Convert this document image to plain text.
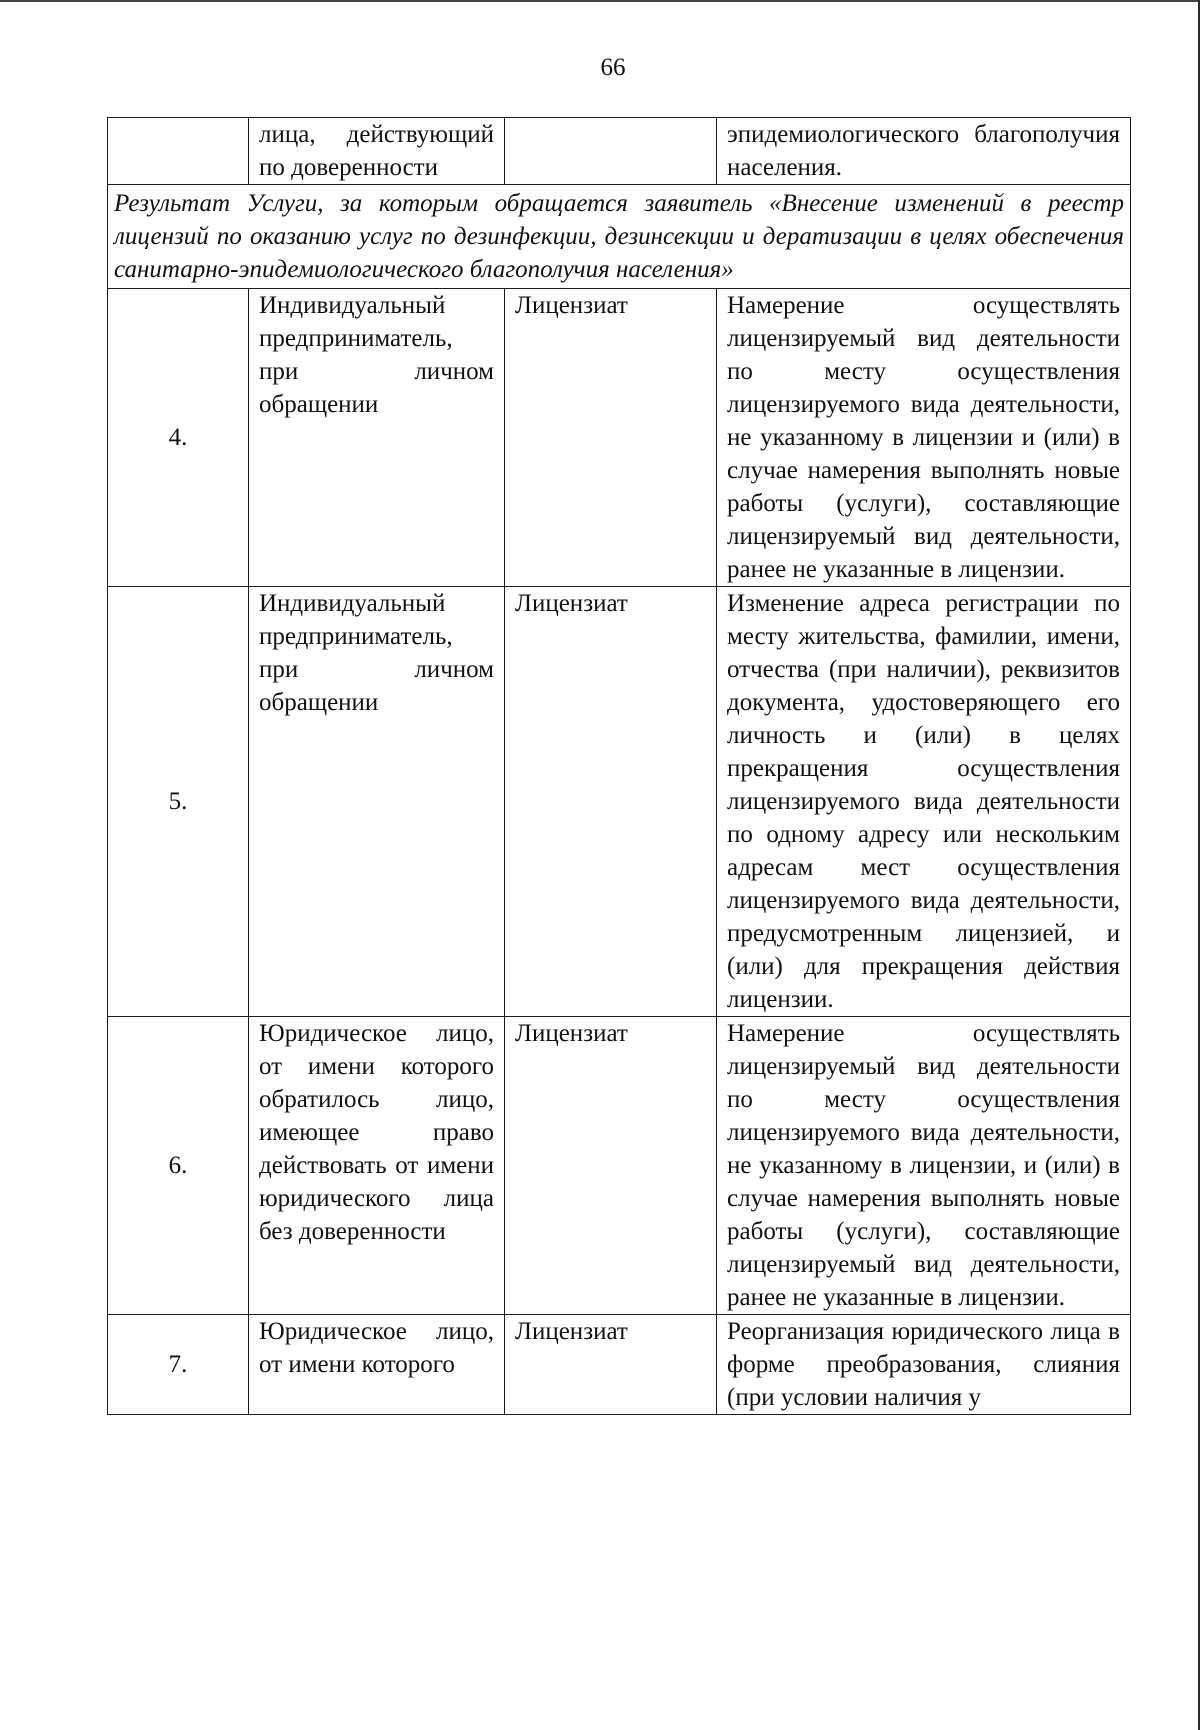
66
	лица, действующий по доверенности		эпидемиологического благополучия населения.
Результат Услуги, за которым обращается заявитель «Внесение изменений в реестр лицензий по оказанию услуг по дезинфекции, дезинсекции и дератизации в целях обеспечения санитарно-эпидемиологического благополучия населения»			
4.	Индивидуальный предприниматель, при личном обращении	Лицензиат	Намерение осуществлять лицензируемый вид деятельности по месту осуществления лицензируемого вида деятельности, не указанному в лицензии и (или) в случае намерения выполнять новые работы (услуги), составляющие лицензируемый вид деятельности, ранее не указанные в лицензии.
5.	Индивидуальный предприниматель, при личном обращении	Лицензиат	Изменение адреса регистрации по месту жительства, фамилии, имени, отчества (при наличии), реквизитов документа, удостоверяющего его личность и (или) в целях прекращения осуществления лицензируемого вида деятельности по одному адресу или нескольким адресам мест осуществления лицензируемого вида деятельности, предусмотренным лицензией, и (или) для прекращения действия лицензии.
6.	Юридическое лицо, от имени которого обратилось лицо, имеющее право действовать от имени юридического лица без доверенности	Лицензиат	Намерение осуществлять лицензируемый вид деятельности по месту осуществления лицензируемого вида деятельности, не указанному в лицензии, и (или) в случае намерения выполнять новые работы (услуги), составляющие лицензируемый вид деятельности, ранее не указанные в лицензии.
7.	Юридическое лицо, от имени которого	Лицензиат	Реорганизация юридического лица в форме преобразования, слияния (при условии наличия у
